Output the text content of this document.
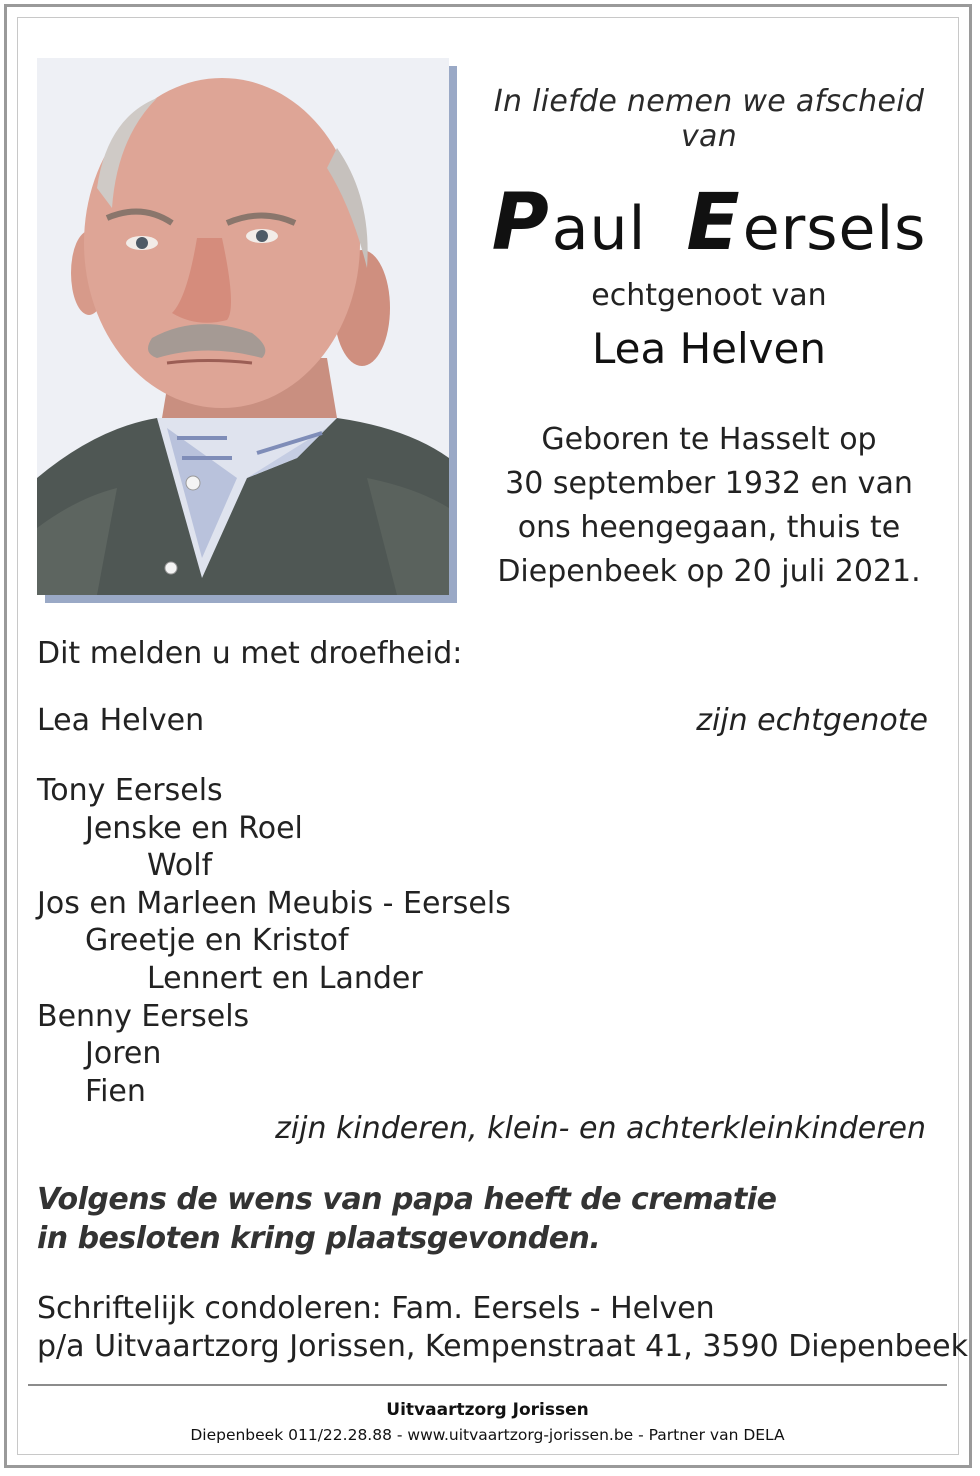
In liefde nemen we afscheid van
Paul Eersels
echtgenoot van
Lea Helven
Geboren te Hasselt op
30 september 1932 en van
ons heengegaan, thuis te
Diepenbeek op 20 juli 2021.
Dit melden u met droefheid:
Lea Helven	zijn echtgenote
Tony Eersels
Jenske en Roel
Wolf
Jos en Marleen Meubis - Eersels
Greetje en Kristof
Lennert en Lander
Benny Eersels
Joren
Fien
zijn kinderen, klein- en achterkleinkinderen
Volgens de wens van papa heeft de crematie
in besloten kring plaatsgevonden.
Schriftelijk condoleren: Fam. Eersels - Helven
p/a Uitvaartzorg Jorissen, Kempenstraat 41, 3590 Diepenbeek
Uitvaartzorg Jorissen
Diepenbeek 011/22.28.88 - www.uitvaartzorg-jorissen.be - Partner van DELA
